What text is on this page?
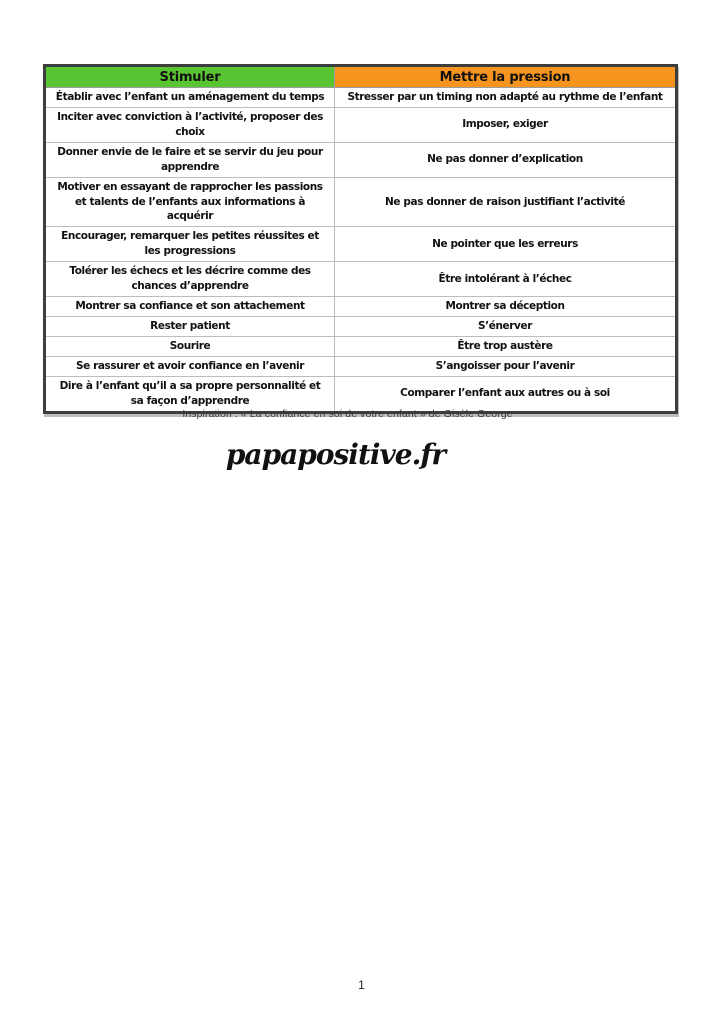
Stimuler	Mettre la pression
Établir avec l’enfant un aménagement du temps	Stresser par un timing non adapté au rythme de l’enfant
Inciter avec conviction à l’activité, proposer des choix	Imposer, exiger
Donner envie de le faire et se servir du jeu pour apprendre	Ne pas donner d’explication
Motiver en essayant de rapprocher les passions et talents de l’enfants aux informations à acquérir	Ne pas donner de raison justifiant l’activité
Encourager, remarquer les petites réussites et les progressions	Ne pointer que les erreurs
Tolérer les échecs et les décrire comme des chances d’apprendre	Être intolérant à l’échec
Montrer sa confiance et son attachement	Montrer sa déception
Rester patient	S’énerver
Sourire	Être trop austère
Se rassurer et avoir confiance en l’avenir	S’angoisser pour l’avenir
Dire à l’enfant qu’il a sa propre personnalité et sa façon d’apprendre	Comparer l’enfant aux autres ou à soi
Inspiration : « La confiance en soi de votre enfant » de Gisèle George
papapositive.fr
1
